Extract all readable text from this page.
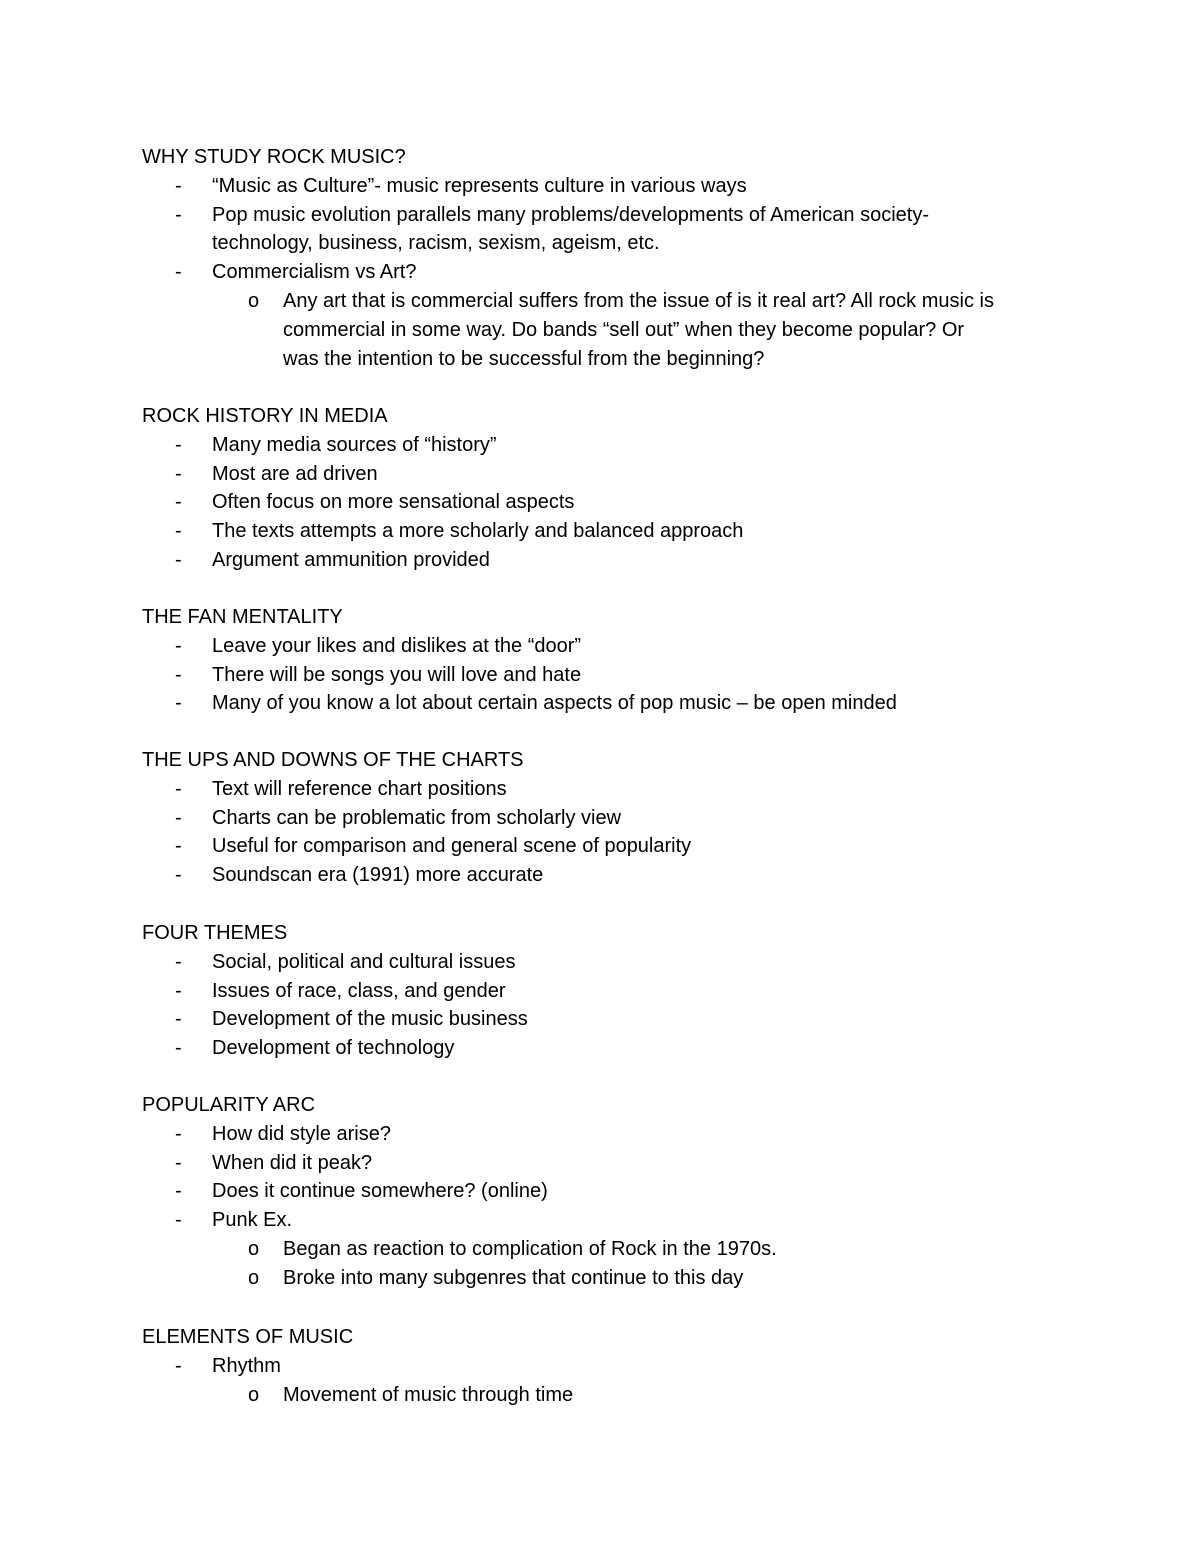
WHY STUDY ROCK MUSIC?
- “Music as Culture”- music represents culture in various ways
- Pop music evolution parallels many problems/developments of American society-
technology, business, racism, sexism, ageism, etc.
- Commercialism vs Art?
o Any art that is commercial suffers from the issue of is it real art? All rock music is
commercial in some way. Do bands “sell out” when they become popular? Or
was the intention to be successful from the beginning?
ROCK HISTORY IN MEDIA
- Many media sources of “history”
- Most are ad driven
- Often focus on more sensational aspects
- The texts attempts a more scholarly and balanced approach
- Argument ammunition provided
THE FAN MENTALITY
- Leave your likes and dislikes at the “door”
- There will be songs you will love and hate
- Many of you know a lot about certain aspects of pop music – be open minded
THE UPS AND DOWNS OF THE CHARTS
- Text will reference chart positions
- Charts can be problematic from scholarly view
- Useful for comparison and general scene of popularity
- Soundscan era (1991) more accurate
FOUR THEMES
- Social, political and cultural issues
- Issues of race, class, and gender
- Development of the music business
- Development of technology
POPULARITY ARC
- How did style arise?
- When did it peak?
- Does it continue somewhere? (online)
- Punk Ex.
o Began as reaction to complication of Rock in the 1970s.
o Broke into many subgenres that continue to this day
ELEMENTS OF MUSIC
- Rhythm
o Movement of music through time
